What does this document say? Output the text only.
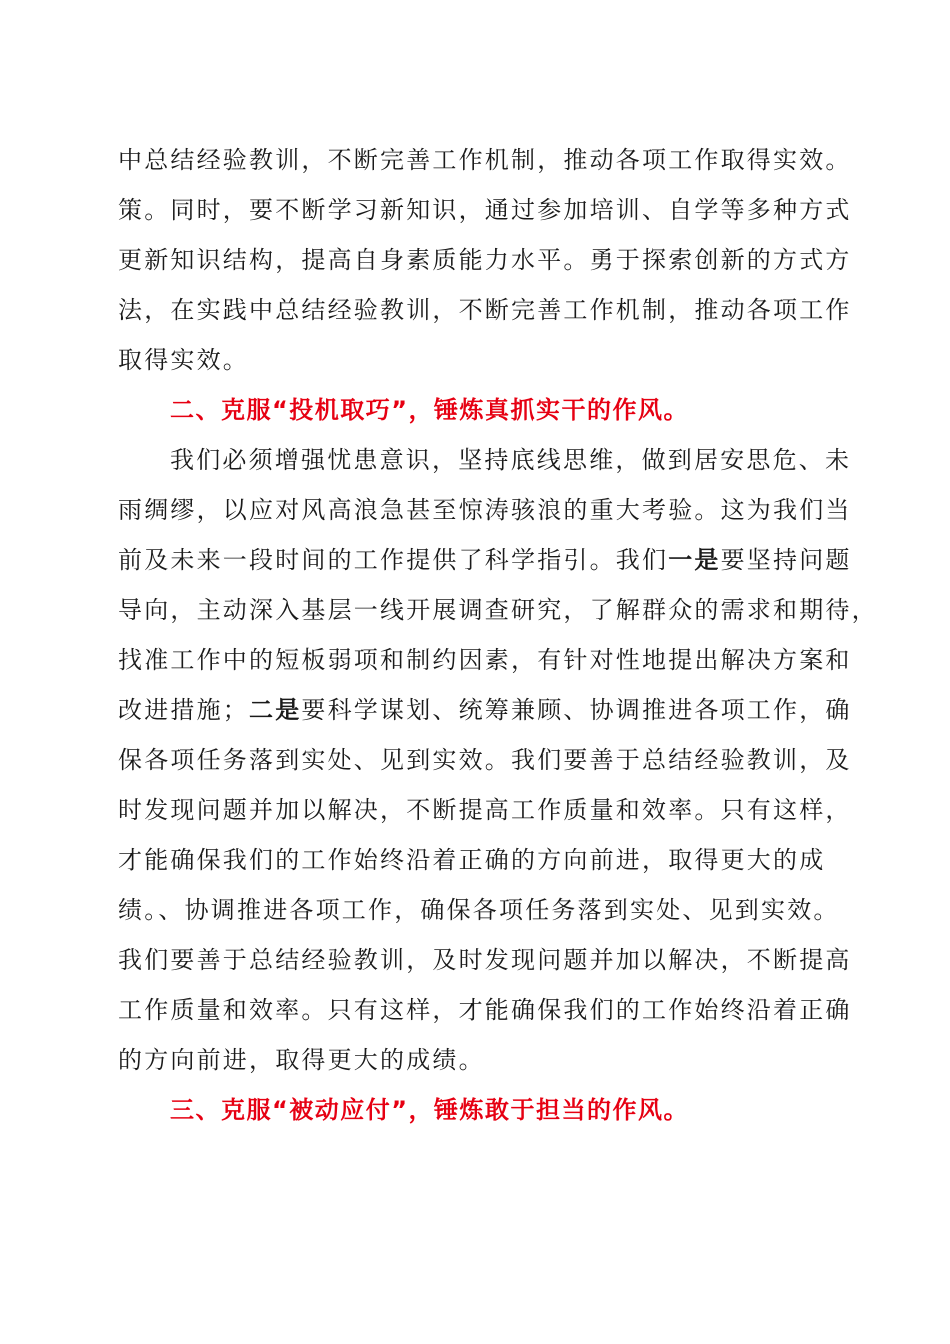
中总结经验教训，不断完善工作机制，推动各项工作取得实效。
策。同时，要不断学习新知识，通过参加培训、自学等多种方式
更新知识结构，提高自身素质能力水平。勇于探索创新的方式方
法，在实践中总结经验教训，不断完善工作机制，推动各项工作
取得实效。
二、克服“投机取巧”，锤炼真抓实干的作风。
我们必须增强忧患意识，坚持底线思维，做到居安思危、未
雨绸缪，以应对风高浪急甚至惊涛骇浪的重大考验。这为我们当
前及未来一段时间的工作提供了科学指引。我们一是要坚持问题
导向，主动深入基层一线开展调查研究，了解群众的需求和期待，
找准工作中的短板弱项和制约因素，有针对性地提出解决方案和
改进措施；二是要科学谋划、统筹兼顾、协调推进各项工作，确
保各项任务落到实处、见到实效。我们要善于总结经验教训，及
时发现问题并加以解决，不断提高工作质量和效率。只有这样，
才能确保我们的工作始终沿着正确的方向前进，取得更大的成
绩。、协调推进各项工作，确保各项任务落到实处、见到实效。
我们要善于总结经验教训，及时发现问题并加以解决，不断提高
工作质量和效率。只有这样，才能确保我们的工作始终沿着正确
的方向前进，取得更大的成绩。
三、克服“被动应付”，锤炼敢于担当的作风。
